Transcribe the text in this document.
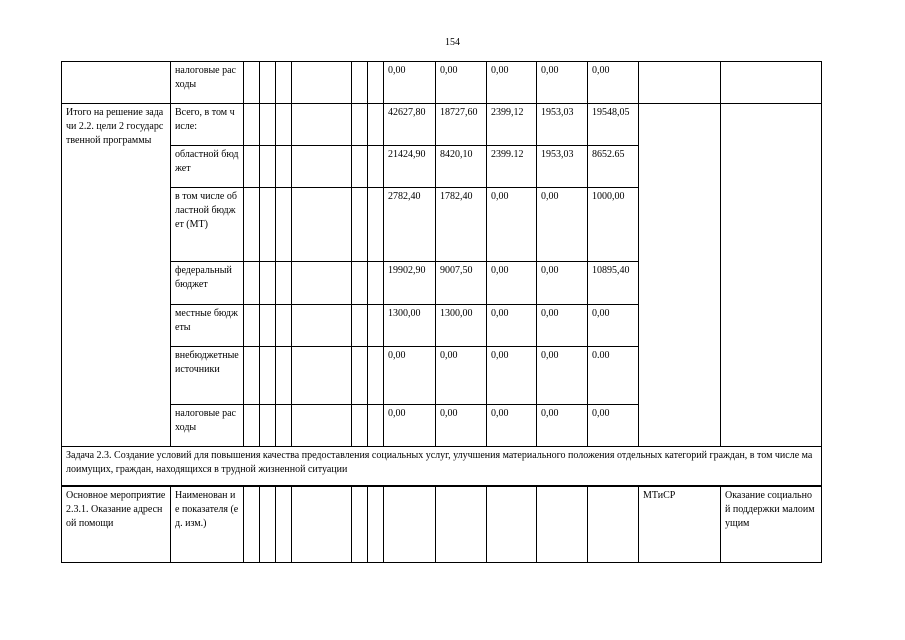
154
	налоговые расходы							0,00	0,00	0,00	0,00	0,00		
Итого на решение задачи 2.2. цели 2 государственной программы	Всего, в том числе:							42627,80	18727,60	2399,12	1953,03	19548,05		
	областной бюджет							21424,90	8420,10	2399.12	1953,03	8652.65		
	в том числе областной бюджет (МТ)							2782,40	1782,40	0,00	0,00	1000,00		
	федеральный бюджет							19902,90	9007,50	0,00	0,00	10895,40		
	местные бюджеты							1300,00	1300,00	0,00	0,00	0,00		
	внебюджетные источники							0,00	0,00	0,00	0,00	0.00		
	налоговые расходы							0,00	0,00	0,00	0,00	0,00		
Задача 2.3. Создание условий для повышения качества предоставления социальных услуг, улучшения материального положения отдельных категорий граждан, в том числе малоимущих, граждан, находящихся в трудной жизненной ситуации														
Основное мероприятие 2.3.1. Оказание адресной помощи	Наименован ие показателя (ед. изм.)												МТиСР	Оказание социальной поддержки малоимущим
